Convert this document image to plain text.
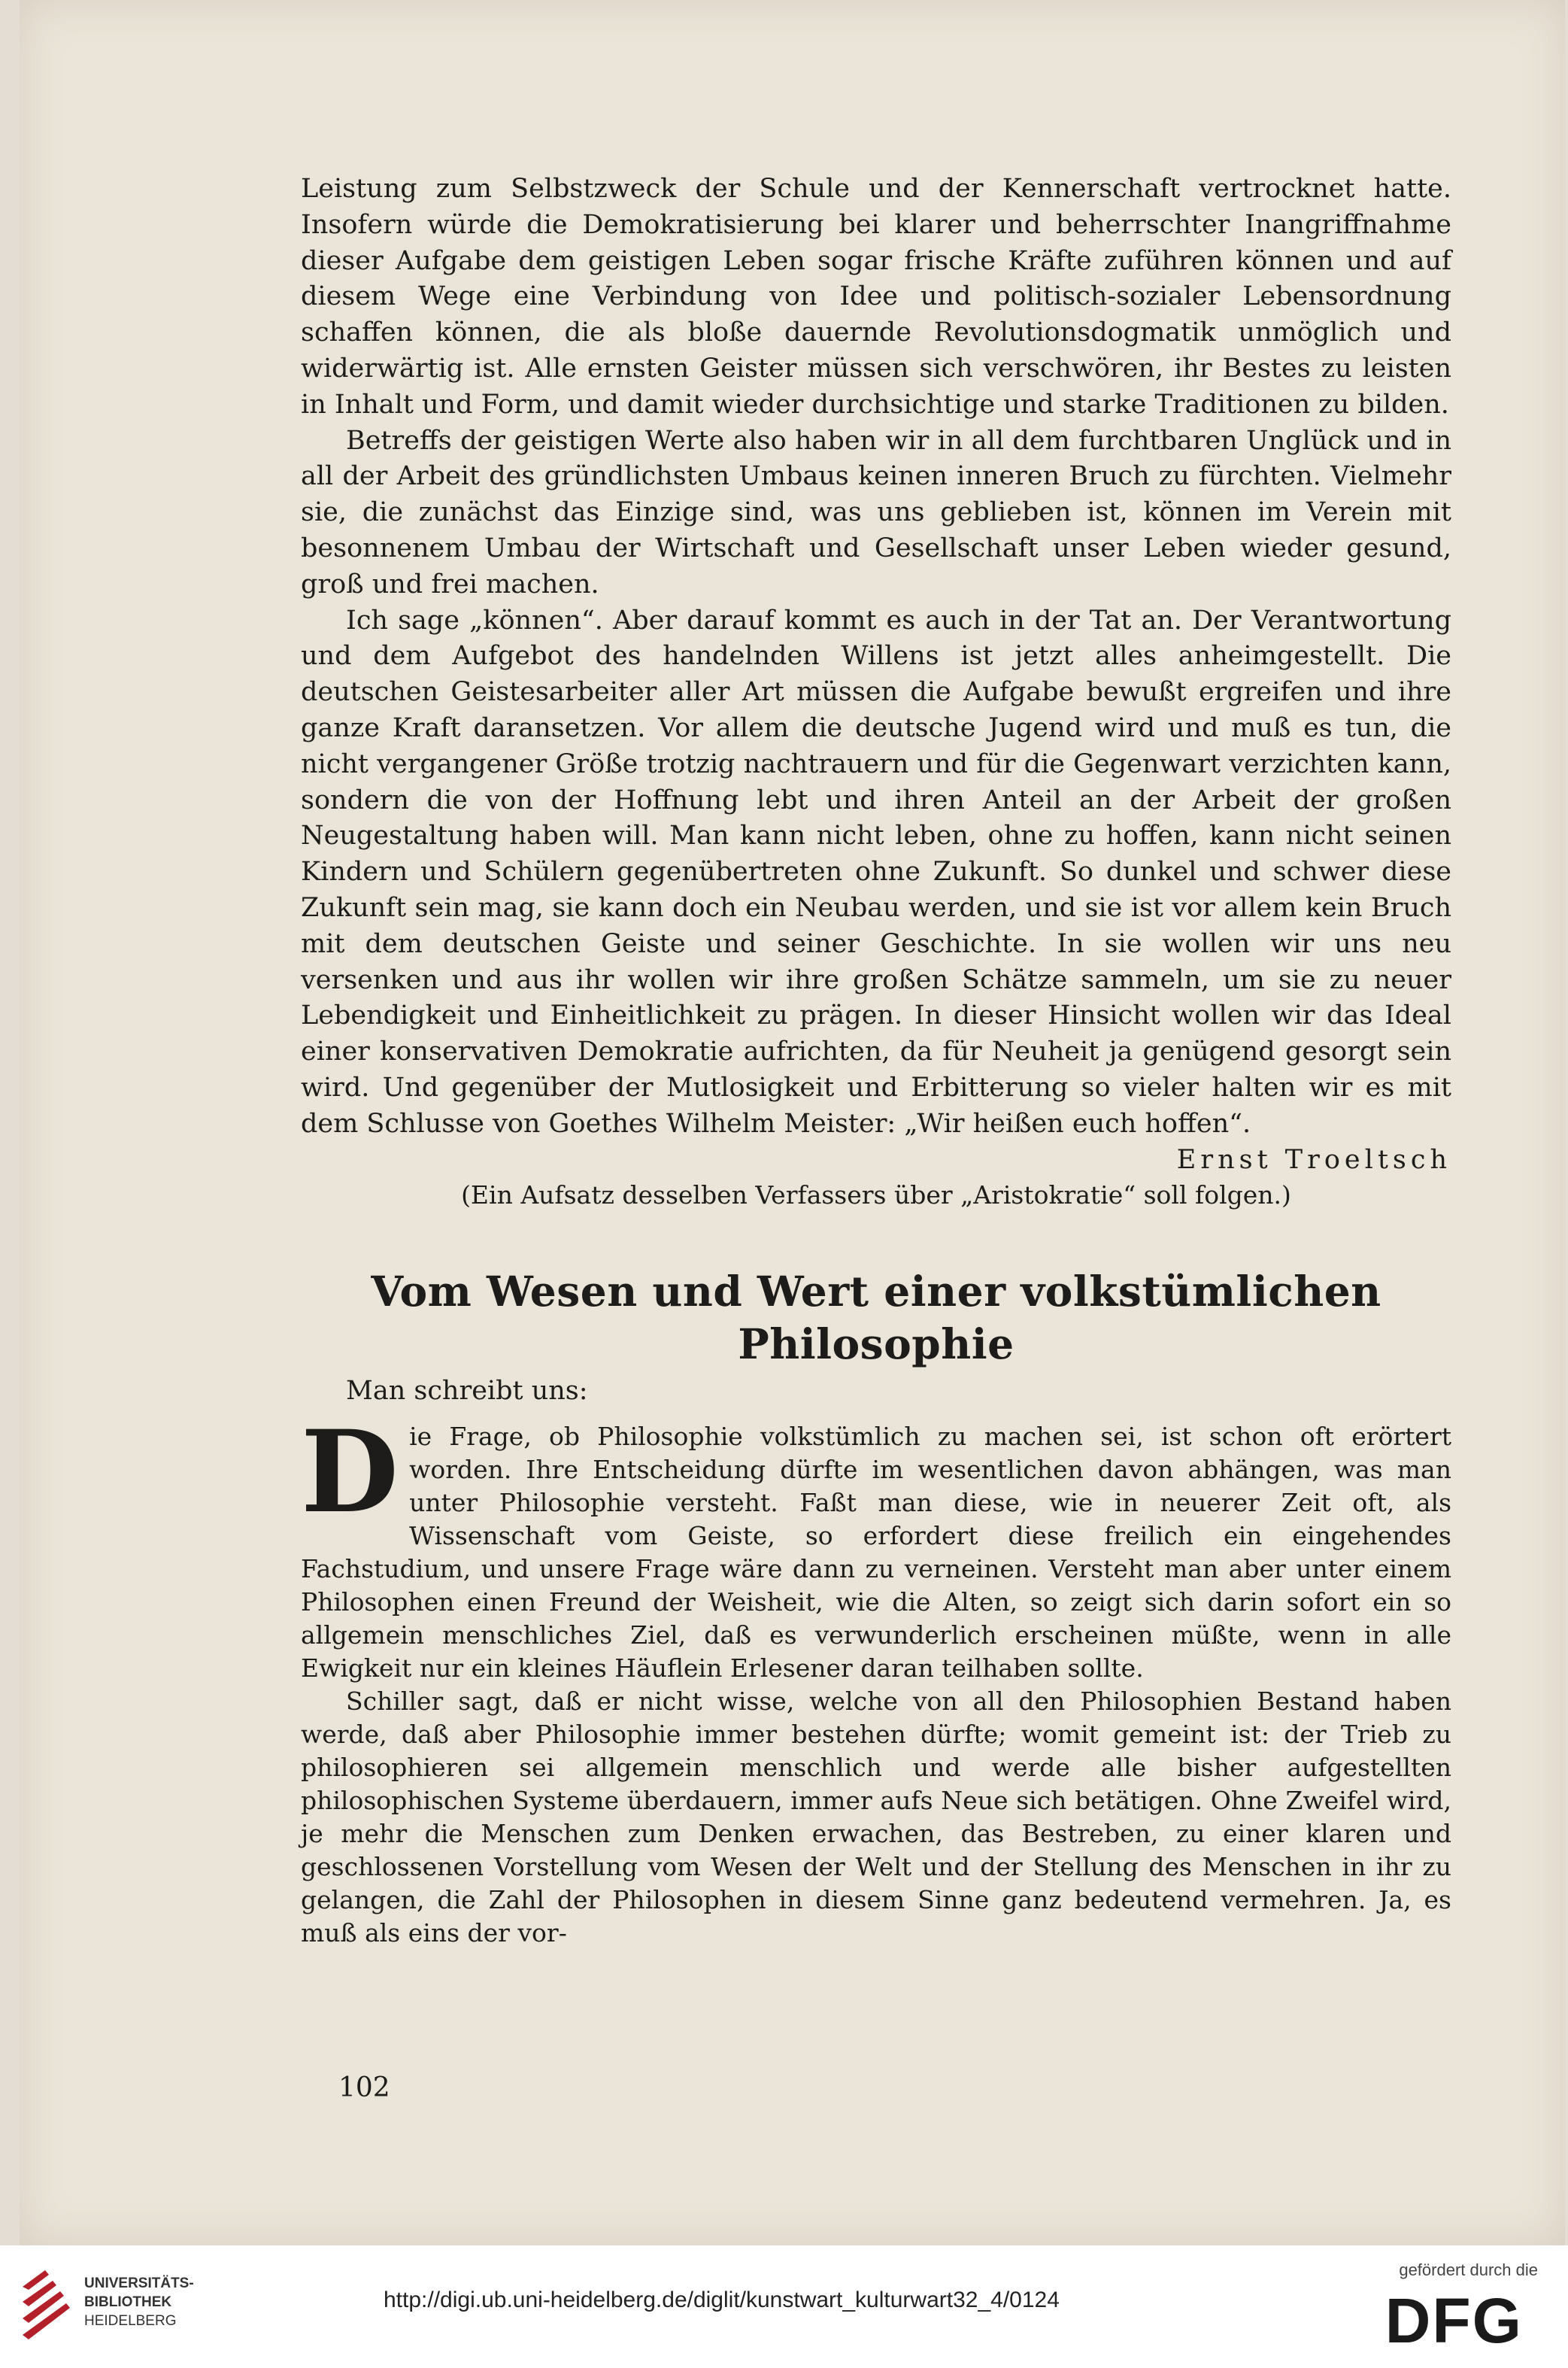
Leistung zum Selbstzweck der Schule und der Kennerschaft vertrocknet hatte. Insofern würde die Demokratisierung bei klarer und beherrschter Inangriffnahme dieser Aufgabe dem geistigen Leben sogar frische Kräfte zuführen können und auf diesem Wege eine Verbindung von Idee und politisch-sozialer Lebensordnung schaffen können, die als bloße dauernde Revolutionsdogmatik unmöglich und widerwärtig ist. Alle ernsten Geister müssen sich verschwören, ihr Bestes zu leisten in Inhalt und Form, und damit wieder durchsichtige und starke Traditionen zu bilden.

Betreffs der geistigen Werte also haben wir in all dem furchtbaren Unglück und in all der Arbeit des gründlichsten Umbaus keinen inneren Bruch zu fürchten. Vielmehr sie, die zunächst das Einzige sind, was uns geblieben ist, können im Verein mit besonnenem Umbau der Wirtschaft und Gesellschaft unser Leben wieder gesund, groß und frei machen.

Ich sage „können“. Aber darauf kommt es auch in der Tat an. Der Verantwortung und dem Aufgebot des handelnden Willens ist jetzt alles anheimgestellt. Die deutschen Geistesarbeiter aller Art müssen die Aufgabe bewußt ergreifen und ihre ganze Kraft daransetzen. Vor allem die deutsche Jugend wird und muß es tun, die nicht vergangener Größe trotzig nachtrauern und für die Gegenwart verzichten kann, sondern die von der Hoffnung lebt und ihren Anteil an der Arbeit der großen Neugestaltung haben will. Man kann nicht leben, ohne zu hoffen, kann nicht seinen Kindern und Schülern gegenübertreten ohne Zukunft. So dunkel und schwer diese Zukunft sein mag, sie kann doch ein Neubau werden, und sie ist vor allem kein Bruch mit dem deutschen Geiste und seiner Geschichte. In sie wollen wir uns neu versenken und aus ihr wollen wir ihre großen Schätze sammeln, um sie zu neuer Lebendigkeit und Einheitlichkeit zu prägen. In dieser Hinsicht wollen wir das Ideal einer konservativen Demokratie aufrichten, da für Neuheit ja genügend gesorgt sein wird. Und gegenüber der Mutlosigkeit und Erbitterung so vieler halten wir es mit dem Schlusse von Goethes Wilhelm Meister: „Wir heißen euch hoffen“.

Ernst Troeltsch

(Ein Aufsatz desselben Verfassers über „Aristokratie“ soll folgen.)

Vom Wesen und Wert einer volkstümlichen Philosophie

Man schreibt uns:

D ie Frage, ob Philosophie volkstümlich zu machen sei, ist schon oft erörtert worden. Ihre Entscheidung dürfte im wesentlichen davon abhängen, was man unter Philosophie versteht. Faßt man diese, wie in neuerer Zeit oft, als Wissenschaft vom Geiste, so erfordert diese freilich ein eingehendes Fachstudium, und unsere Frage wäre dann zu verneinen. Versteht man aber unter einem Philosophen einen Freund der Weisheit, wie die Alten, so zeigt sich darin sofort ein so allgemein menschliches Ziel, daß es verwunderlich erscheinen müßte, wenn in alle Ewigkeit nur ein kleines Häuflein Erlesener daran teilhaben sollte.

Schiller sagt, daß er nicht wisse, welche von all den Philosophien Bestand haben werde, daß aber Philosophie immer bestehen dürfte; womit gemeint ist: der Trieb zu philosophieren sei allgemein menschlich und werde alle bisher aufgestellten philosophischen Systeme überdauern, immer aufs Neue sich betätigen. Ohne Zweifel wird, je mehr die Menschen zum Denken erwachen, das Bestreben, zu einer klaren und geschlossenen Vorstellung vom Wesen der Welt und der Stellung des Menschen in ihr zu gelangen, die Zahl der Philosophen in diesem Sinne ganz bedeutend vermehren. Ja, es muß als eins der vor-

102
UNIVERSITÄTS-
BIBLIOTHEK
HEIDELBERG
http://digi.ub.uni-heidelberg.de/diglit/kunstwart_kulturwart32_4/0124
gefördert durch die
DFG
